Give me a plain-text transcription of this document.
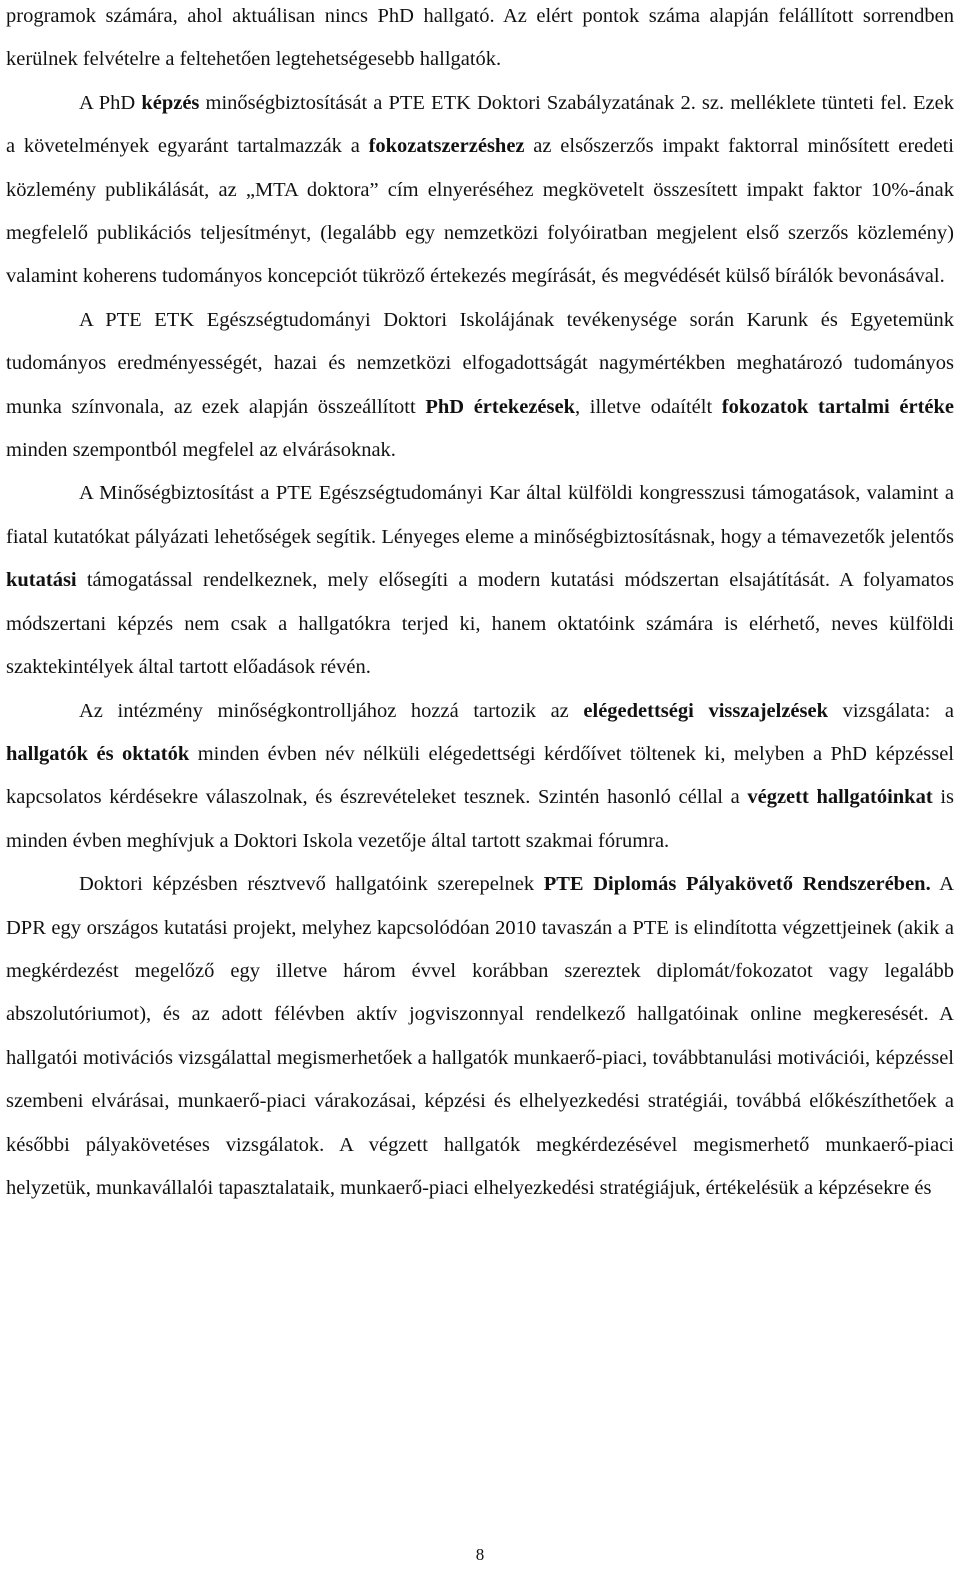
programok számára, ahol aktuálisan nincs PhD hallgató. Az elért pontok száma alapján felállított sorrendben kerülnek felvételre a feltehetően legtehetségesebb hallgatók.

A PhD képzés minőségbiztosítását a PTE ETK Doktori Szabályzatának 2. sz. melléklete tünteti fel. Ezek a követelmények egyaránt tartalmazzák a fokozatszerzéshez az elsőszerzős impakt faktorral minősített eredeti közlemény publikálását, az „MTA doktora” cím elnyeréséhez megkövetelt összesített impakt faktor 10%-ának megfelelő publikációs teljesítményt, (legalább egy nemzetközi folyóiratban megjelent első szerzős közlemény) valamint koherens tudományos koncepciót tükröző értekezés megírását, és megvédését külső bírálók bevonásával.

A PTE ETK Egészségtudományi Doktori Iskolájának tevékenysége során Karunk és Egyetemünk tudományos eredményességét, hazai és nemzetközi elfogadottságát nagymértékben meghatározó tudományos munka színvonala, az ezek alapján összeállított PhD értekezések, illetve odaítélt fokozatok tartalmi értéke minden szempontból megfelel az elvárásoknak.

A Minőségbiztosítást a PTE Egészségtudományi Kar által külföldi kongresszusi támogatások, valamint a fiatal kutatókat pályázati lehetőségek segítik. Lényeges eleme a minőségbiztosításnak, hogy a témavezetők jelentős kutatási támogatással rendelkeznek, mely elősegíti a modern kutatási módszertan elsajátítását. A folyamatos módszertani képzés nem csak a hallgatókra terjed ki, hanem oktatóink számára is elérhető, neves külföldi szaktekintélyek által tartott előadások révén.

Az intézmény minőségkontrolljához hozzá tartozik az elégedettségi visszajelzések vizsgálata: a hallgatók és oktatók minden évben név nélküli elégedettségi kérdőívet töltenek ki, melyben a PhD képzéssel kapcsolatos kérdésekre válaszolnak, és észrevételeket tesznek. Szintén hasonló céllal a végzett hallgatóinkat is minden évben meghívjuk a Doktori Iskola vezetője által tartott szakmai fórumra.

Doktori képzésben résztvevő hallgatóink szerepelnek PTE Diplomás Pályakövető Rendszerében. A DPR egy országos kutatási projekt, melyhez kapcsolódóan 2010 tavaszán a PTE is elindította végzettjeinek (akik a megkérdezést megelőző egy illetve három évvel korábban szereztek diplomát/fokozatot vagy legalább abszolutóriumot), és az adott félévben aktív jogviszonnyal rendelkező hallgatóinak online megkeresését. A hallgatói motivációs vizsgálattal megismerhetőek a hallgatók munkaerő-piaci, továbbtanulási motivációi, képzéssel szembeni elvárásai, munkaerő-piaci várakozásai, képzési és elhelyezkedési stratégiái, továbbá előkészíthetőek a későbbi pályakövetéses vizsgálatok. A végzett hallgatók megkérdezésével megismerhető munkaerő-piaci helyzetük, munkavállalói tapasztalataik, munkaerő-piaci elhelyezkedési stratégiájuk, értékelésük a képzésekre és

8
